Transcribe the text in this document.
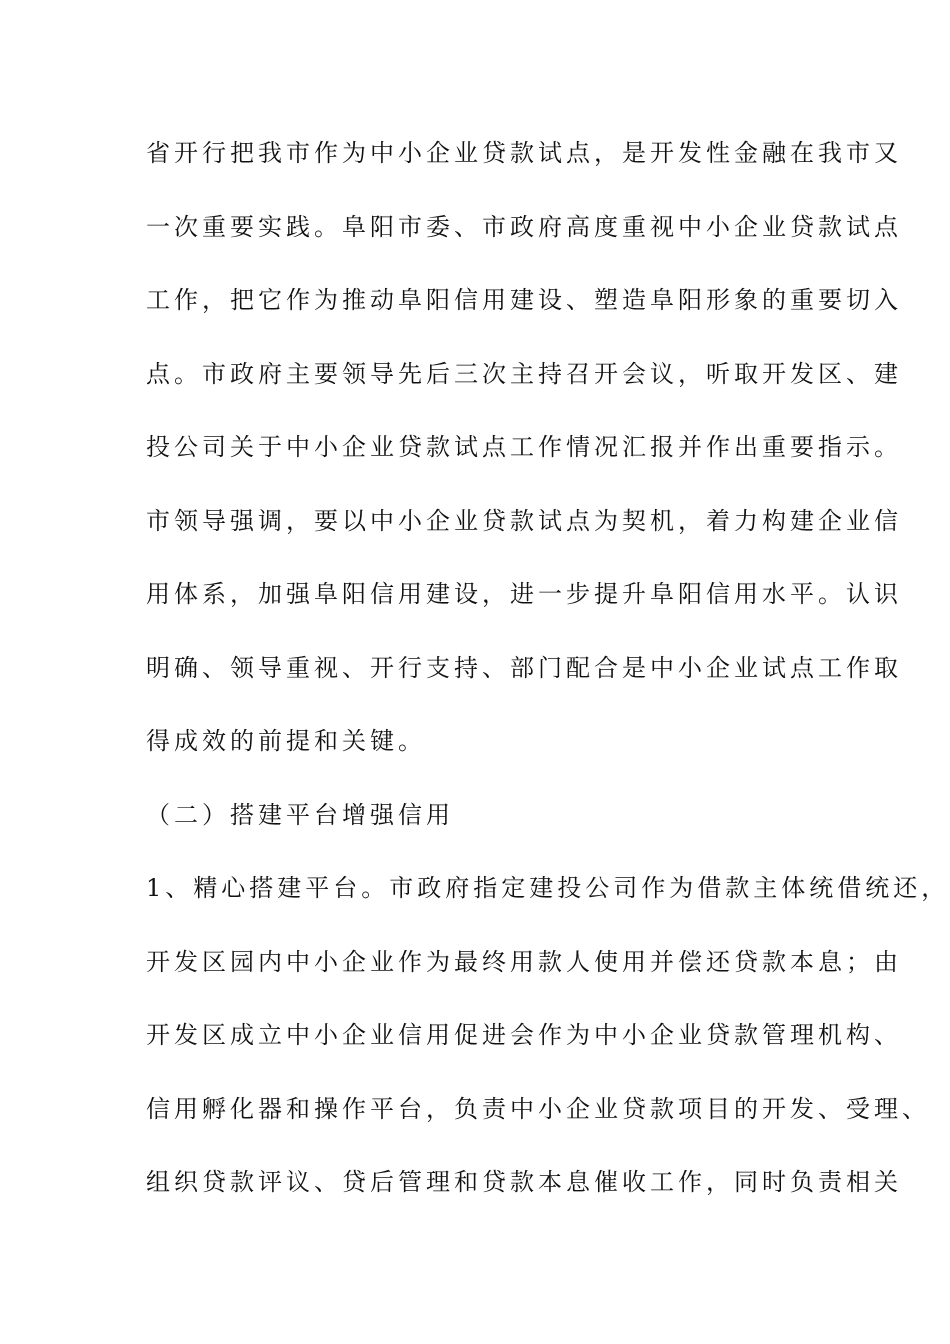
省开行把我市作为中小企业贷款试点，是开发性金融在我市又
一次重要实践。阜阳市委、市政府高度重视中小企业贷款试点
工作，把它作为推动阜阳信用建设、塑造阜阳形象的重要切入
点。市政府主要领导先后三次主持召开会议，听取开发区、建
投公司关于中小企业贷款试点工作情况汇报并作出重要指示。
市领导强调，要以中小企业贷款试点为契机，着力构建企业信
用体系，加强阜阳信用建设，进一步提升阜阳信用水平。认识
明确、领导重视、开行支持、部门配合是中小企业试点工作取
得成效的前提和关键。
（二）搭建平台增强信用
1、精心搭建平台。市政府指定建投公司作为借款主体统借统还，
开发区园内中小企业作为最终用款人使用并偿还贷款本息；由
开发区成立中小企业信用促进会作为中小企业贷款管理机构、
信用孵化器和操作平台，负责中小企业贷款项目的开发、受理、
组织贷款评议、贷后管理和贷款本息催收工作，同时负责相关
